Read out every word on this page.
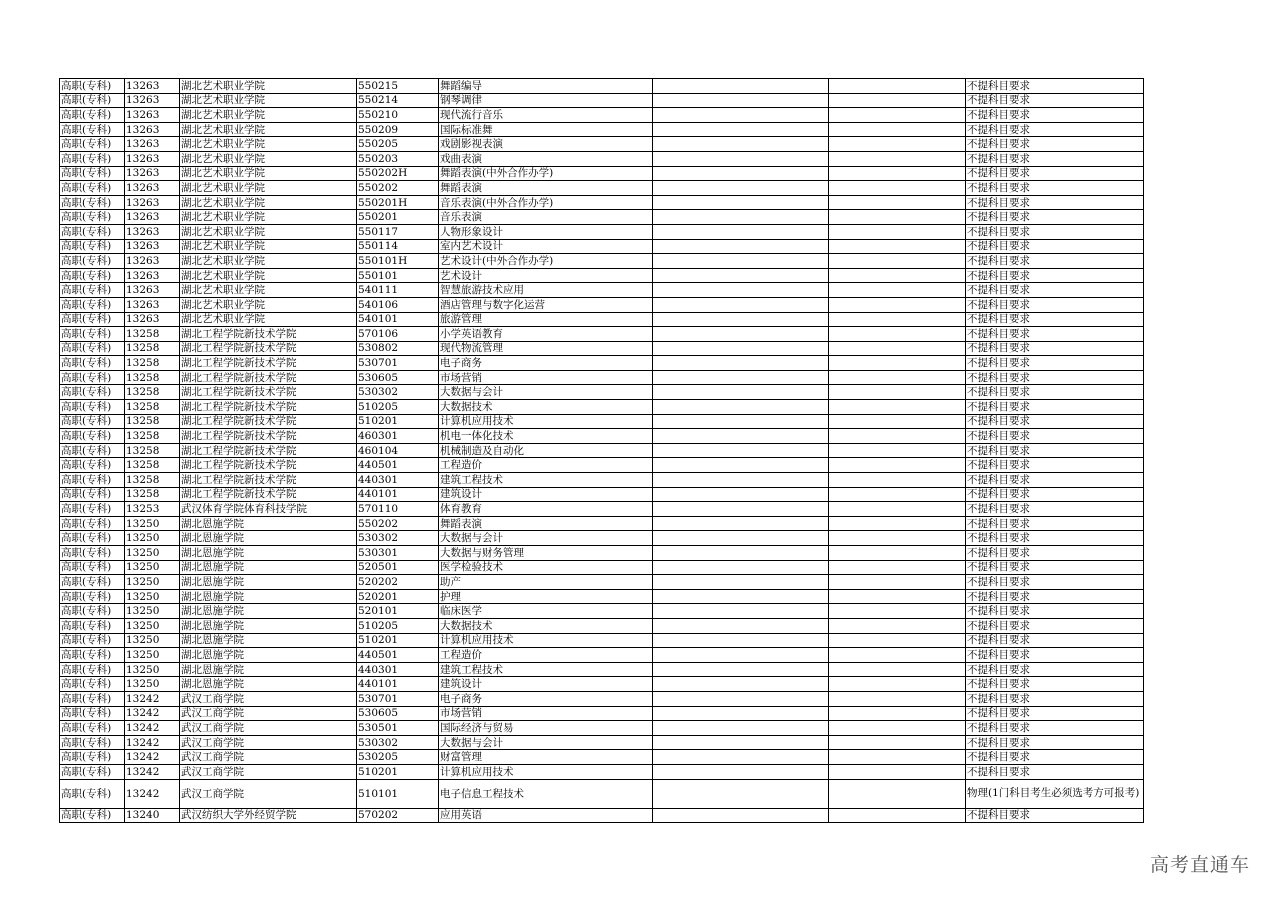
高职(专科)	13263	湖北艺术职业学院	550215	舞蹈编导			不提科目要求
高职(专科)	13263	湖北艺术职业学院	550214	钢琴调律			不提科目要求
高职(专科)	13263	湖北艺术职业学院	550210	现代流行音乐			不提科目要求
高职(专科)	13263	湖北艺术职业学院	550209	国际标准舞			不提科目要求
高职(专科)	13263	湖北艺术职业学院	550205	戏剧影视表演			不提科目要求
高职(专科)	13263	湖北艺术职业学院	550203	戏曲表演			不提科目要求
高职(专科)	13263	湖北艺术职业学院	550202H	舞蹈表演(中外合作办学)			不提科目要求
高职(专科)	13263	湖北艺术职业学院	550202	舞蹈表演			不提科目要求
高职(专科)	13263	湖北艺术职业学院	550201H	音乐表演(中外合作办学)			不提科目要求
高职(专科)	13263	湖北艺术职业学院	550201	音乐表演			不提科目要求
高职(专科)	13263	湖北艺术职业学院	550117	人物形象设计			不提科目要求
高职(专科)	13263	湖北艺术职业学院	550114	室内艺术设计			不提科目要求
高职(专科)	13263	湖北艺术职业学院	550101H	艺术设计(中外合作办学)			不提科目要求
高职(专科)	13263	湖北艺术职业学院	550101	艺术设计			不提科目要求
高职(专科)	13263	湖北艺术职业学院	540111	智慧旅游技术应用			不提科目要求
高职(专科)	13263	湖北艺术职业学院	540106	酒店管理与数字化运营			不提科目要求
高职(专科)	13263	湖北艺术职业学院	540101	旅游管理			不提科目要求
高职(专科)	13258	湖北工程学院新技术学院	570106	小学英语教育			不提科目要求
高职(专科)	13258	湖北工程学院新技术学院	530802	现代物流管理			不提科目要求
高职(专科)	13258	湖北工程学院新技术学院	530701	电子商务			不提科目要求
高职(专科)	13258	湖北工程学院新技术学院	530605	市场营销			不提科目要求
高职(专科)	13258	湖北工程学院新技术学院	530302	大数据与会计			不提科目要求
高职(专科)	13258	湖北工程学院新技术学院	510205	大数据技术			不提科目要求
高职(专科)	13258	湖北工程学院新技术学院	510201	计算机应用技术			不提科目要求
高职(专科)	13258	湖北工程学院新技术学院	460301	机电一体化技术			不提科目要求
高职(专科)	13258	湖北工程学院新技术学院	460104	机械制造及自动化			不提科目要求
高职(专科)	13258	湖北工程学院新技术学院	440501	工程造价			不提科目要求
高职(专科)	13258	湖北工程学院新技术学院	440301	建筑工程技术			不提科目要求
高职(专科)	13258	湖北工程学院新技术学院	440101	建筑设计			不提科目要求
高职(专科)	13253	武汉体育学院体育科技学院	570110	体育教育			不提科目要求
高职(专科)	13250	湖北恩施学院	550202	舞蹈表演			不提科目要求
高职(专科)	13250	湖北恩施学院	530302	大数据与会计			不提科目要求
高职(专科)	13250	湖北恩施学院	530301	大数据与财务管理			不提科目要求
高职(专科)	13250	湖北恩施学院	520501	医学检验技术			不提科目要求
高职(专科)	13250	湖北恩施学院	520202	助产			不提科目要求
高职(专科)	13250	湖北恩施学院	520201	护理			不提科目要求
高职(专科)	13250	湖北恩施学院	520101	临床医学			不提科目要求
高职(专科)	13250	湖北恩施学院	510205	大数据技术			不提科目要求
高职(专科)	13250	湖北恩施学院	510201	计算机应用技术			不提科目要求
高职(专科)	13250	湖北恩施学院	440501	工程造价			不提科目要求
高职(专科)	13250	湖北恩施学院	440301	建筑工程技术			不提科目要求
高职(专科)	13250	湖北恩施学院	440101	建筑设计			不提科目要求
高职(专科)	13242	武汉工商学院	530701	电子商务			不提科目要求
高职(专科)	13242	武汉工商学院	530605	市场营销			不提科目要求
高职(专科)	13242	武汉工商学院	530501	国际经济与贸易			不提科目要求
高职(专科)	13242	武汉工商学院	530302	大数据与会计			不提科目要求
高职(专科)	13242	武汉工商学院	530205	财富管理			不提科目要求
高职(专科)	13242	武汉工商学院	510201	计算机应用技术			不提科目要求
高职(专科)	13242	武汉工商学院	510101	电子信息工程技术			物理(1门科目考生必须选考方可报考)
高职(专科)	13240	武汉纺织大学外经贸学院	570202	应用英语			不提科目要求
高考直通车
